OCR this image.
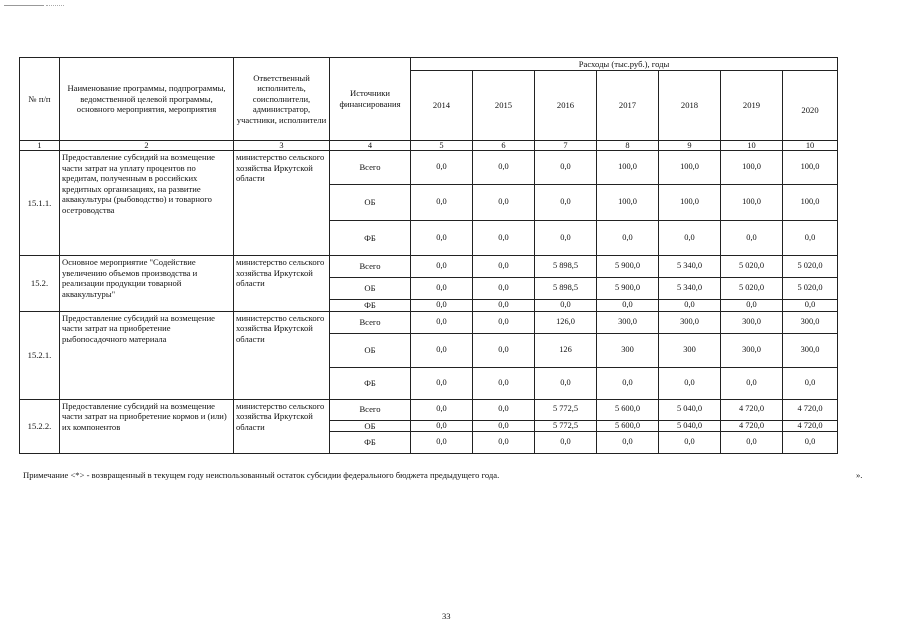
№ п/п	Наименование программы, подпрограммы, ведомственной целевой программы, основного мероприятия, мероприятия	Ответственный исполнитель, соисполнители, администратор, участники, исполнители	Источники финансирования	Расходы (тыс.руб.), годы						
				2014	2015	2016	2017	2018	2019	2020
1	2	3	4	5	6	7	8	9	10	10
15.1.1.	Предоставление субсидий на возмещение части затрат на уплату процентов по кредитам, полученным в российских кредитных организациях, на развитие аквакультуры (рыбоводство) и товарного осетроводства	министерство сельского хозяйства Иркутской области	Всего	0,0	0,0	0,0	100,0	100,0	100,0	100,0
			ОБ	0,0	0,0	0,0	100,0	100,0	100,0	100,0
			ФБ	0,0	0,0	0,0	0,0	0,0	0,0	0,0
15.2.	Основное мероприятие "Содействие увеличению объемов производства и реализации продукции товарной аквакультуры"	министерство сельского хозяйства Иркутской области	Всего	0,0	0,0	5 898,5	5 900,0	5 340,0	5 020,0	5 020,0
			ОБ	0,0	0,0	5 898,5	5 900,0	5 340,0	5 020,0	5 020,0
			ФБ	0,0	0,0	0,0	0,0	0,0	0,0	0,0
15.2.1.	Предоставление субсидий на возмещение части затрат на приобретение рыбопосадочного материала	министерство сельского хозяйства Иркутской области	Всего	0,0	0,0	126,0	300,0	300,0	300,0	300,0
			ОБ	0,0	0,0	126	300	300	300,0	300,0
			ФБ	0,0	0,0	0,0	0,0	0,0	0,0	0,0
15.2.2.	Предоставление субсидий на возмещение части затрат на приобретение кормов и (или) их компонентов	министерство сельского хозяйства Иркутской области	Всего	0,0	0,0	5 772,5	5 600,0	5 040,0	4 720,0	4 720,0
			ОБ	0,0	0,0	5 772,5	5 600,0	5 040,0	4 720,0	4 720,0
			ФБ	0,0	0,0	0,0	0,0	0,0	0,0	0,0
Примечание <*> - возвращенный в текущем году неиспользованный остаток субсидии федерального бюджета предыдущего года.	».
33
